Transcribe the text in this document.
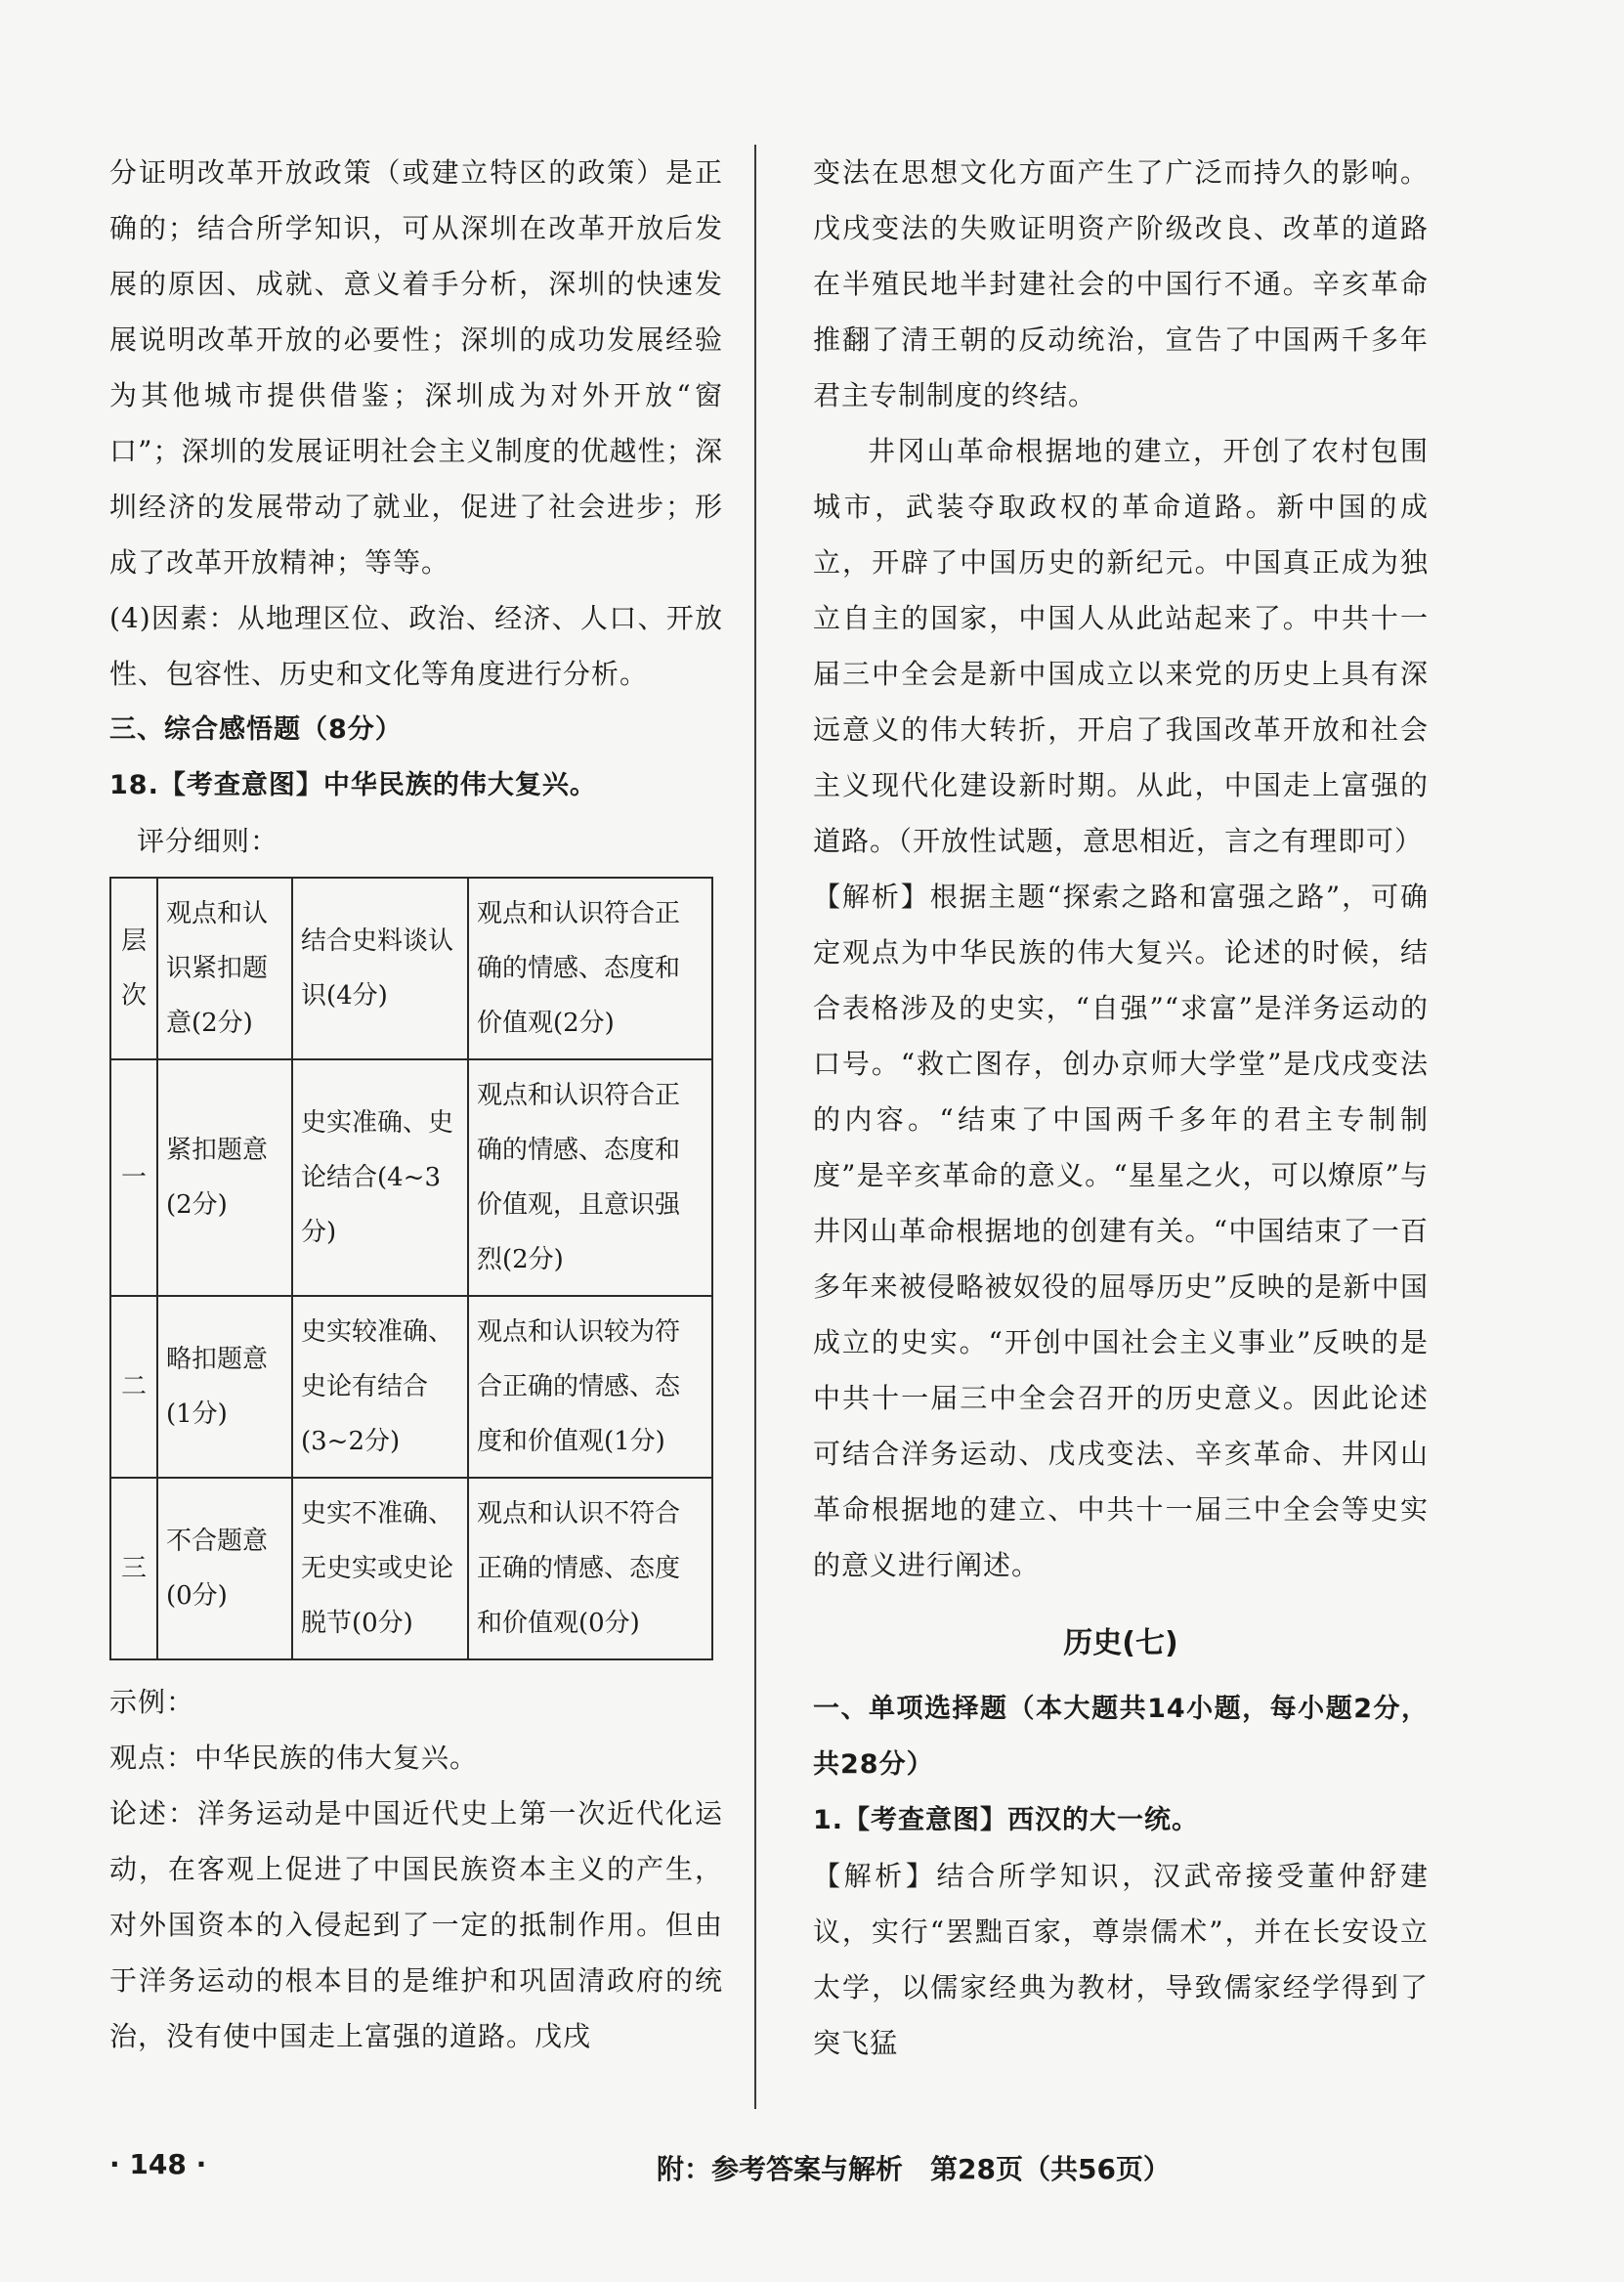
分证明改革开放政策（或建立特区的政策）是正确的；结合所学知识，可从深圳在改革开放后发展的原因、成就、意义着手分析，深圳的快速发展说明改革开放的必要性；深圳的成功发展经验为其他城市提供借鉴；深圳成为对外开放“窗口”；深圳的发展证明社会主义制度的优越性；深圳经济的发展带动了就业，促进了社会进步；形成了改革开放精神；等等。

(4)因素：从地理区位、政治、经济、人口、开放性、包容性、历史和文化等角度进行分析。

三、综合感悟题（8分）

18.【考查意图】中华民族的伟大复兴。

评分细则：

层次	观点和认识紧扣题意(2分)	结合史料谈认识(4分)	观点和认识符合正确的情感、态度和价值观(2分)
一	紧扣题意(2分)	史实准确、史论结合(4~3分)	观点和认识符合正确的情感、态度和价值观，且意识强烈(2分)
二	略扣题意(1分)	史实较准确、史论有结合(3~2分)	观点和认识较为符合正确的情感、态度和价值观(1分)
三	不合题意(0分)	史实不准确、无史实或史论脱节(0分)	观点和认识不符合正确的情感、态度和价值观(0分)

示例：

观点：中华民族的伟大复兴。

论述：洋务运动是中国近代史上第一次近代化运动，在客观上促进了中国民族资本主义的产生，对外国资本的入侵起到了一定的抵制作用。但由于洋务运动的根本目的是维护和巩固清政府的统治，没有使中国走上富强的道路。戊戌

变法在思想文化方面产生了广泛而持久的影响。戊戌变法的失败证明资产阶级改良、改革的道路在半殖民地半封建社会的中国行不通。辛亥革命推翻了清王朝的反动统治，宣告了中国两千多年君主专制制度的终结。

井冈山革命根据地的建立，开创了农村包围城市，武装夺取政权的革命道路。新中国的成立，开辟了中国历史的新纪元。中国真正成为独立自主的国家，中国人从此站起来了。中共十一届三中全会是新中国成立以来党的历史上具有深远意义的伟大转折，开启了我国改革开放和社会主义现代化建设新时期。从此，中国走上富强的道路。（开放性试题，意思相近，言之有理即可）

【解析】根据主题“探索之路和富强之路”，可确定观点为中华民族的伟大复兴。论述的时候，结合表格涉及的史实，“自强”“求富”是洋务运动的口号。“救亡图存，创办京师大学堂”是戊戌变法的内容。“结束了中国两千多年的君主专制制度”是辛亥革命的意义。“星星之火，可以燎原”与井冈山革命根据地的创建有关。“中国结束了一百多年来被侵略被奴役的屈辱历史”反映的是新中国成立的史实。“开创中国社会主义事业”反映的是中共十一届三中全会召开的历史意义。因此论述可结合洋务运动、戊戌变法、辛亥革命、井冈山革命根据地的建立、中共十一届三中全会等史实的意义进行阐述。

历史(七)

一、单项选择题（本大题共14小题，每小题2分，共28分）

1.【考查意图】西汉的大一统。

【解析】结合所学知识，汉武帝接受董仲舒建议，实行“罢黜百家，尊崇儒术”，并在长安设立太学，以儒家经典为教材，导致儒家经学得到了突飞猛

· 148 ·	附：参考答案与解析　第28页（共56页）
